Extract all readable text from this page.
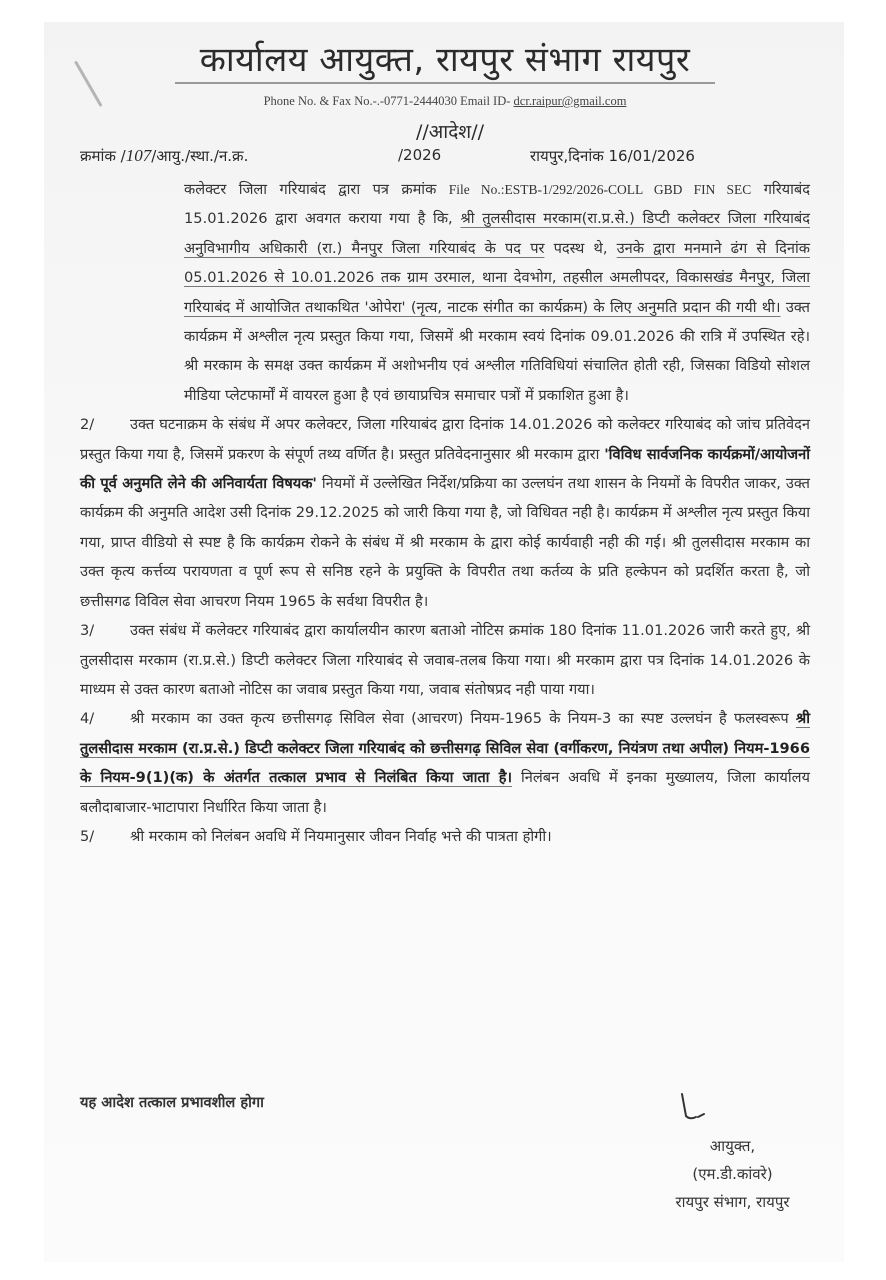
कार्यालय आयुक्त, रायपुर संभाग रायपुर
Phone No. & Fax No.-.-0771-2444030 Email ID- dcr.raipur@gmail.com
//आदेश//
क्रमांक /107/आयु./स्था./न.क्र.	/2026	रायपुर,दिनांक 16/01/2026

कलेक्टर जिला गरियाबंद द्वारा पत्र क्रमांक File No.:ESTB-1/292/2026-COLL GBD FIN SEC गरियाबंद 15.01.2026 द्वारा अवगत कराया गया है कि, श्री तुलसीदास मरकाम(रा.प्र.से.) डिप्टी कलेक्टर जिला गरियाबंद अनुविभागीय अधिकारी (रा.) मैनपुर जिला गरियाबंद के पद पर पदस्थ थे, उनके द्वारा मनमाने ढंग से दिनांक 05.01.2026 से 10.01.2026 तक ग्राम उरमाल, थाना देवभोग, तहसील अमलीपदर, विकासखंड मैनपुर, जिला गरियाबंद में आयोजित तथाकथित 'ओपेरा' (नृत्य, नाटक संगीत का कार्यक्रम) के लिए अनुमति प्रदान की गयी थी। उक्त कार्यक्रम में अश्लील नृत्य प्रस्तुत किया गया, जिसमें श्री मरकाम स्वयं दिनांक 09.01.2026 की रात्रि में उपस्थित रहे। श्री मरकाम के समक्ष उक्त कार्यक्रम में अशोभनीय एवं अश्लील गतिविधियां संचालित होती रही, जिसका विडियो सोशल मीडिया प्लेटफार्मों में वायरल हुआ है एवं छायाप्रचित्र समाचार पत्रों में प्रकाशित हुआ है।

2/ उक्त घटनाक्रम के संबंध में अपर कलेक्टर, जिला गरियाबंद द्वारा दिनांक 14.01.2026 को कलेक्टर गरियाबंद को जांच प्रतिवेदन प्रस्तुत किया गया है, जिसमें प्रकरण के संपूर्ण तथ्य वर्णित है। प्रस्तुत प्रतिवेदनानुसार श्री मरकाम द्वारा 'विविध सार्वजनिक कार्यक्रमों/आयोजनों की पूर्व अनुमति लेने की अनिवार्यता विषयक' नियमों में उल्लेखित निर्देश/प्रक्रिया का उल्लघंन तथा शासन के नियमों के विपरीत जाकर, उक्त कार्यक्रम की अनुमति आदेश उसी दिनांक 29.12.2025 को जारी किया गया है, जो विधिवत नही है। कार्यक्रम में अश्लील नृत्य प्रस्तुत किया गया, प्राप्त वीडियो से स्पष्ट है कि कार्यक्रम रोकने के संबंध में श्री मरकाम के द्वारा कोई कार्यवाही नही की गई। श्री तुलसीदास मरकाम का उक्त कृत्य कर्त्तव्य परायणता व पूर्ण रूप से सनिष्ठ रहने के प्रयुक्ति के विपरीत तथा कर्तव्य के प्रति हल्केपन को प्रदर्शित करता है, जो छत्तीसगढ विविल सेवा आचरण नियम 1965 के सर्वथा विपरीत है।

3/ उक्त संबंध में कलेक्टर गरियाबंद द्वारा कार्यालयीन कारण बताओ नोटिस क्रमांक 180 दिनांक 11.01.2026 जारी करते हुए, श्री तुलसीदास मरकाम (रा.प्र.से.) डिप्टी कलेक्टर जिला गरियाबंद से जवाब-तलब किया गया। श्री मरकाम द्वारा पत्र दिनांक 14.01.2026 के माध्यम से उक्त कारण बताओ नोटिस का जवाब प्रस्तुत किया गया, जवाब संतोषप्रद नही पाया गया।

4/ श्री मरकाम का उक्त कृत्य छत्तीसगढ़ सिविल सेवा (आचरण) नियम-1965 के नियम-3 का स्पष्ट उल्लघंन है फलस्वरूप श्री तुलसीदास मरकाम (रा.प्र.से.) डिप्टी कलेक्टर जिला गरियाबंद को छत्तीसगढ़ सिविल सेवा (वर्गीकरण, नियंत्रण तथा अपील) नियम-1966 के नियम-9(1)(क) के अंतर्गत तत्काल प्रभाव से निलंबित किया जाता है। निलंबन अवधि में इनका मुख्यालय, जिला कार्यालय बलौदाबाजार-भाटापारा निर्धारित किया जाता है।

5/ श्री मरकाम को निलंबन अवधि में नियमानुसार जीवन निर्वाह भत्ते की पात्रता होगी।

यह आदेश तत्काल प्रभावशील होगा
आयुक्त,
(एम.डी.कांवरे)
रायपुर संभाग, रायपुर
